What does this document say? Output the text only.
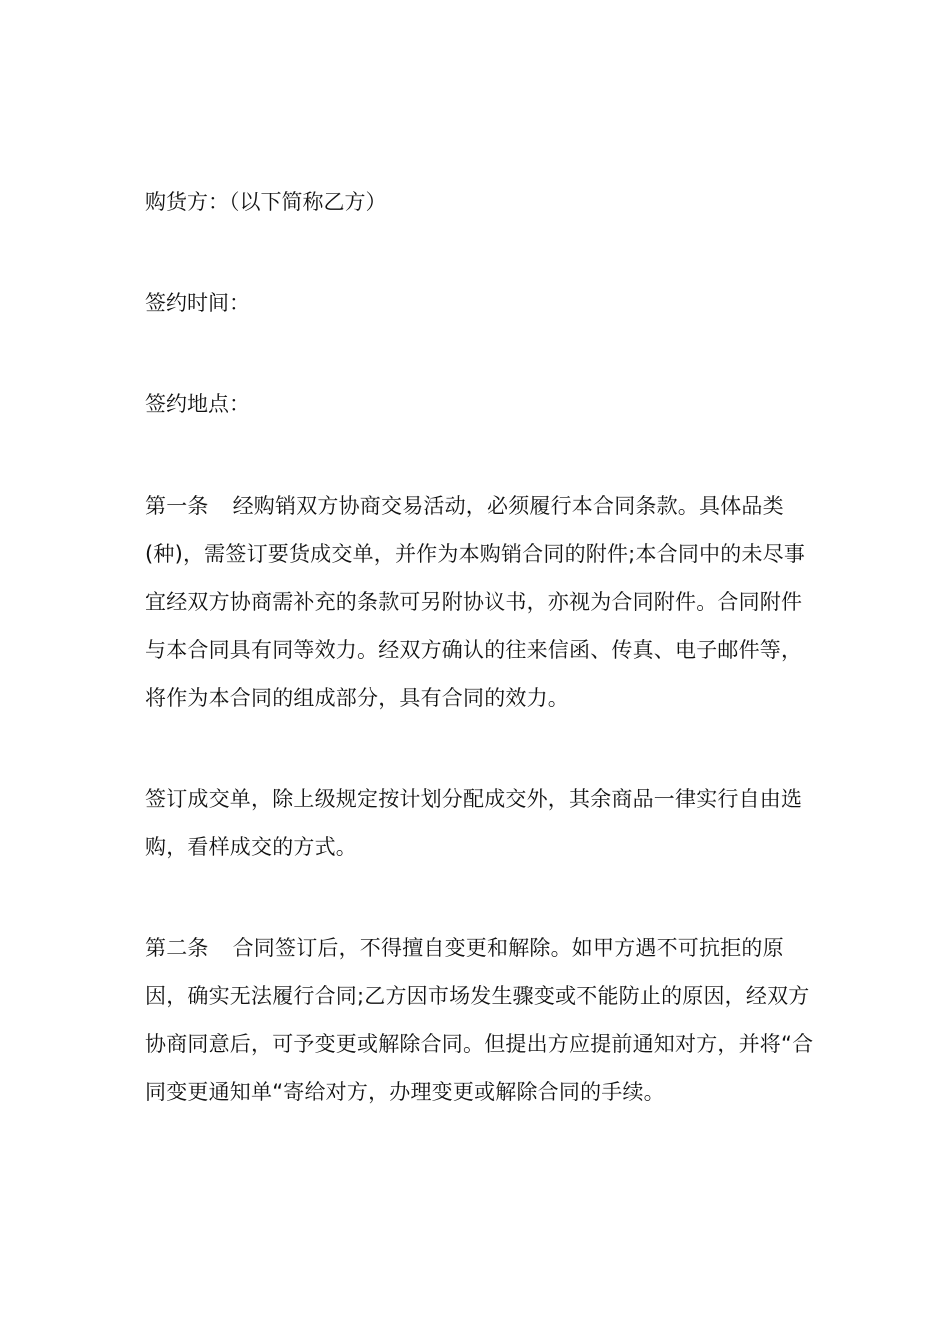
购货方：（以下简称乙方）

签约时间：

签约地点：

第一条 经购销双方协商交易活动，必须履行本合同条款。具体品类(种)，需签订要货成交单，并作为本购销合同的附件;本合同中的未尽事宜经双方协商需补充的条款可另附协议书，亦视为合同附件。合同附件与本合同具有同等效力。经双方确认的往来信函、传真、电子邮件等，将作为本合同的组成部分，具有合同的效力。

签订成交单，除上级规定按计划分配成交外，其余商品一律实行自由选购，看样成交的方式。

第二条 合同签订后，不得擅自变更和解除。如甲方遇不可抗拒的原因，确实无法履行合同;乙方因市场发生骤变或不能防止的原因，经双方协商同意后，可予变更或解除合同。但提出方应提前通知对方，并将“合同变更通知单“寄给对方，办理变更或解除合同的手续。
